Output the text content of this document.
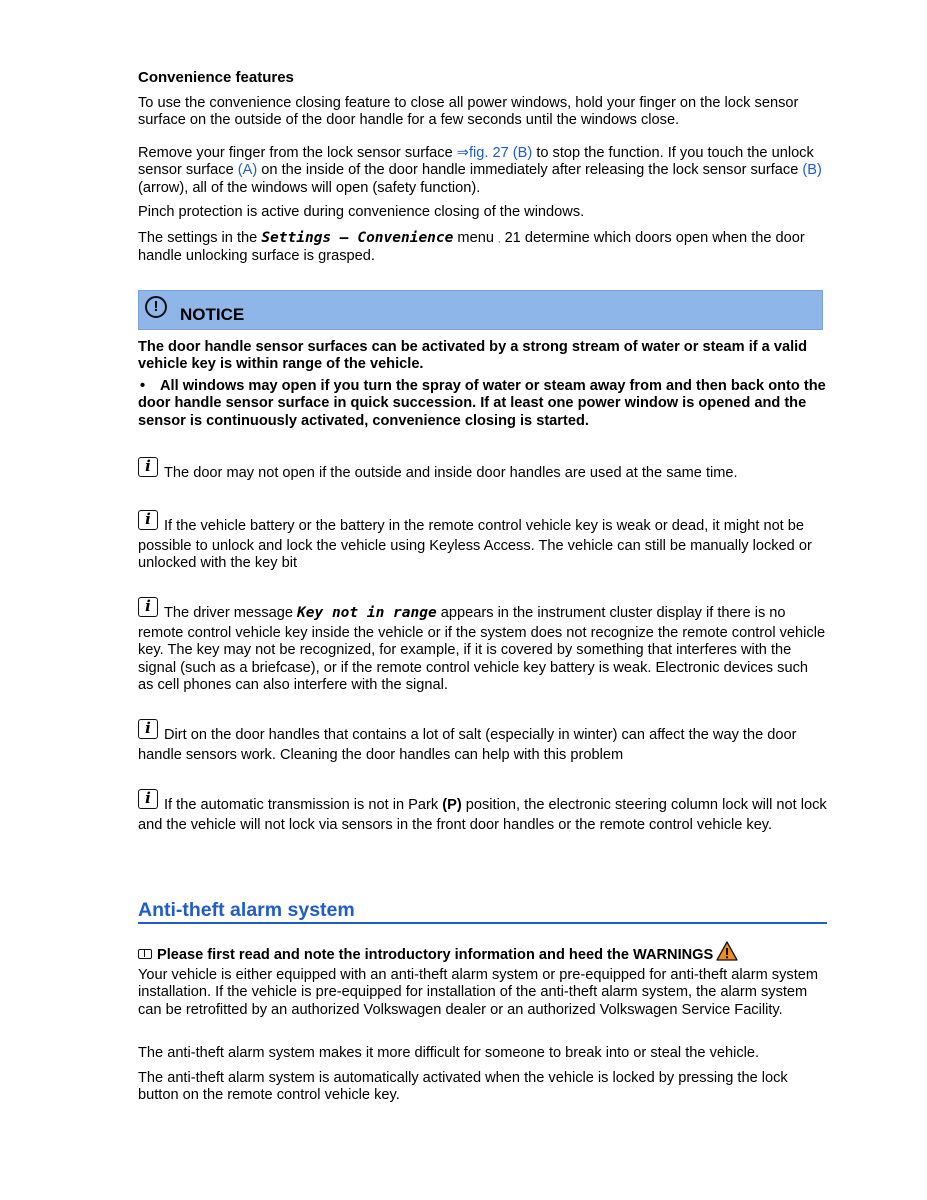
Convenience features

To use the convenience closing feature to close all power windows, hold your finger on the lock sensor surface on the outside of the door handle for a few seconds until the windows close.

Remove your finger from the lock sensor surface ⇒fig. 27 (B) to stop the function. If you touch the unlock sensor surface (A) on the inside of the door handle immediately after releasing the lock sensor surface (B) (arrow), all of the windows will open (safety function).

Pinch protection is active during convenience closing of the windows.

The settings in the Settings – Convenience menu , 21 determine which doors open when the door handle unlocking surface is grasped.

!	NOTICE

The door handle sensor surfaces can be activated by a strong stream of water or steam if a valid vehicle key is within range of the vehicle.

• All windows may open if you turn the spray of water or steam away from and then back onto the door handle sensor surface in quick succession. If at least one power window is opened and the sensor is continuously activated, convenience closing is started.

i The door may not open if the outside and inside door handles are used at the same time.

i If the vehicle battery or the battery in the remote control vehicle key is weak or dead, it might not be possible to unlock and lock the vehicle using Keyless Access. The vehicle can still be manually locked or unlocked with the key bit

i The driver message Key not in range appears in the instrument cluster display if there is no remote control vehicle key inside the vehicle or if the system does not recognize the remote control vehicle key. The key may not be recognized, for example, if it is covered by something that interferes with the signal (such as a briefcase), or if the remote control vehicle key battery is weak. Electronic devices such as cell phones can also interfere with the signal.

i Dirt on the door handles that contains a lot of salt (especially in winter) can affect the way the door handle sensors work. Cleaning the door handles can help with this problem

i If the automatic transmission is not in Park (P) position, the electronic steering column lock will not lock and the vehicle will not lock via sensors in the front door handles or the remote control vehicle key.

Anti-theft alarm system

Please first read and note the introductory information and heed the WARNINGS

Your vehicle is either equipped with an anti-theft alarm system or pre-equipped for anti-theft alarm system installation. If the vehicle is pre-equipped for installation of the anti-theft alarm system, the alarm system can be retrofitted by an authorized Volkswagen dealer or an authorized Volkswagen Service Facility.

The anti-theft alarm system makes it more difficult for someone to break into or steal the vehicle.

The anti-theft alarm system is automatically activated when the vehicle is locked by pressing the lock button on the remote control vehicle key.
